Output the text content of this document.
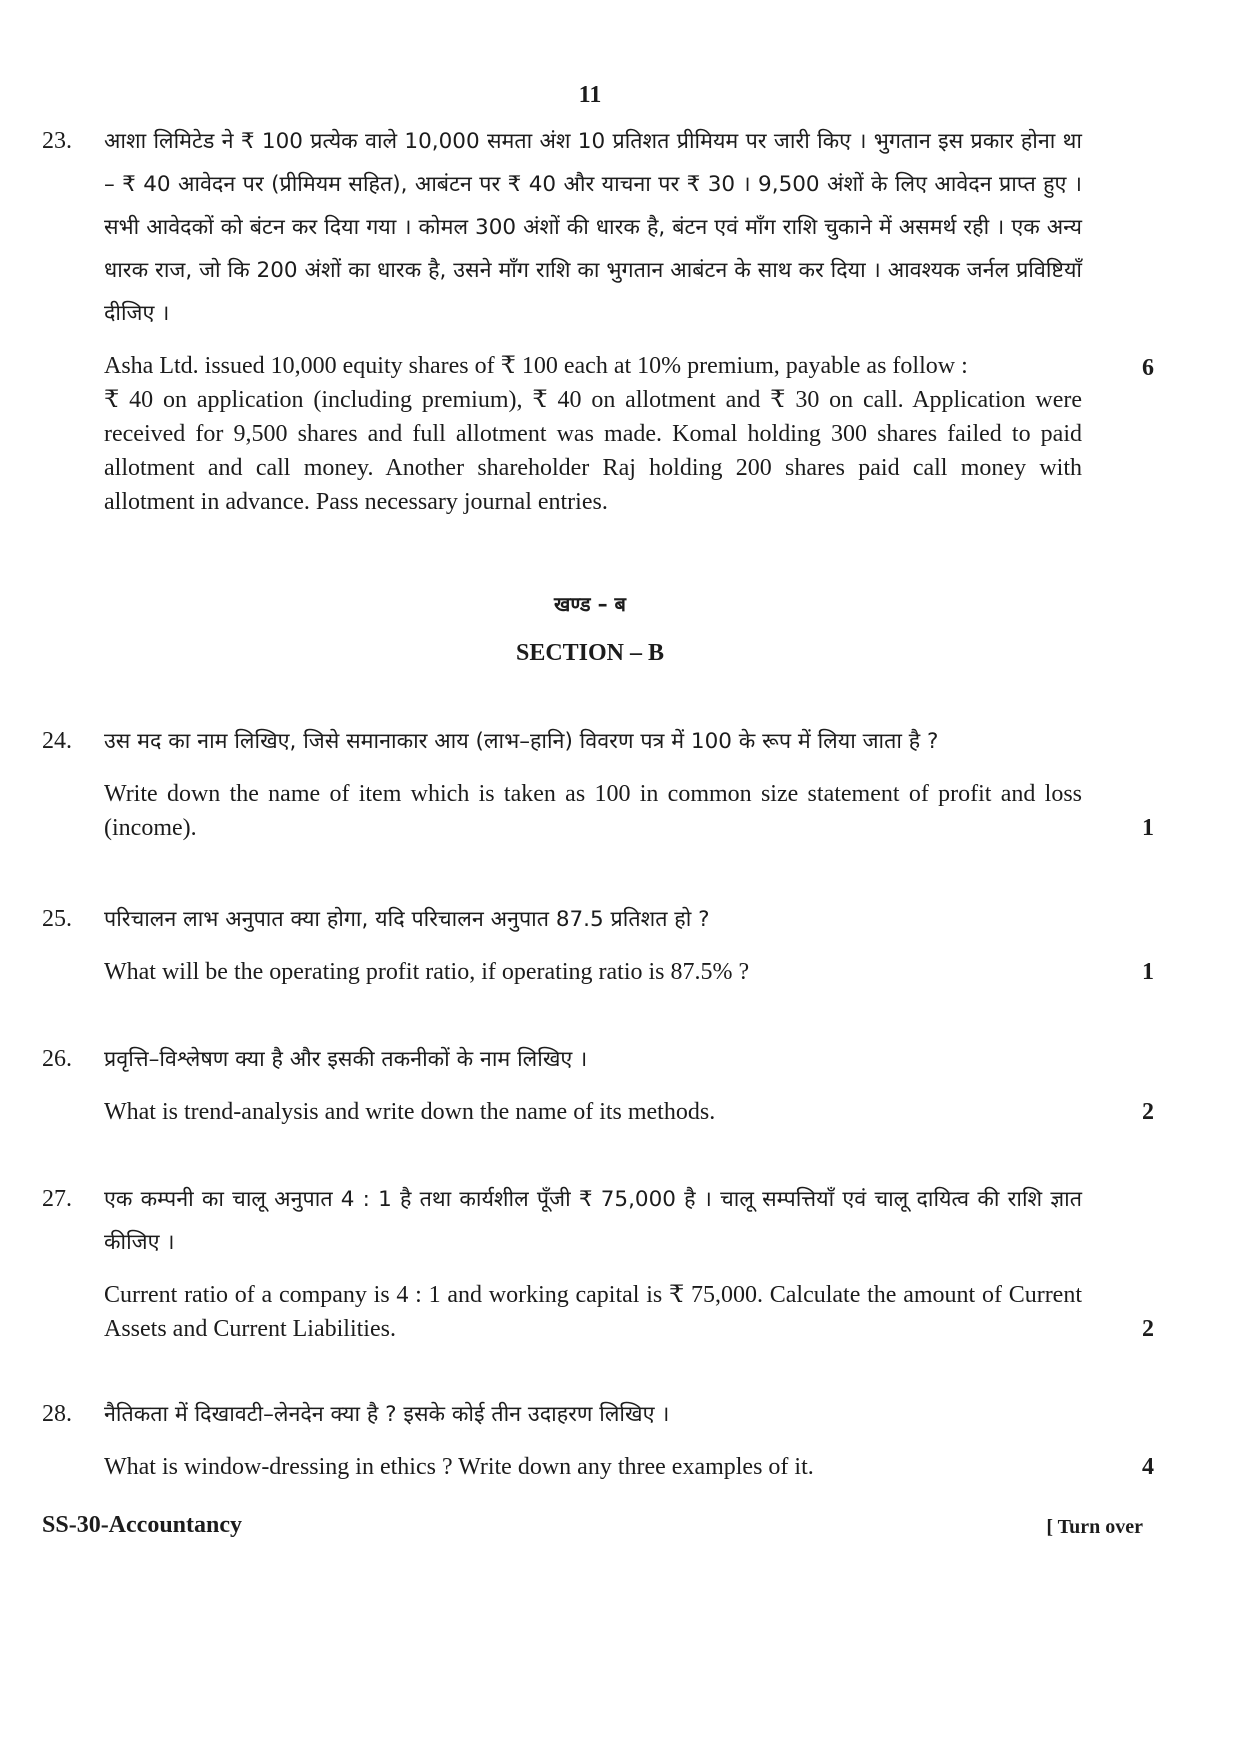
11
23. आशा लिमिटेड ने ₹ 100 प्रत्येक वाले 10,000 समता अंश 10 प्रतिशत प्रीमियम पर जारी किए । भुगतान इस प्रकार होना था – ₹ 40 आवेदन पर (प्रीमियम सहित), आबंटन पर ₹ 40 और याचना पर ₹ 30 । 9,500 अंशों के लिए आवेदन प्राप्त हुए । सभी आवेदकों को बंटन कर दिया गया । कोमल 300 अंशों की धारक है, बंटन एवं माँग राशि चुकाने में असमर्थ रही । एक अन्य धारक राज, जो कि 200 अंशों का धारक है, उसने माँग राशि का भुगतान आबंटन के साथ कर दिया । आवश्यक जर्नल प्रविष्टियाँ दीजिए ।

Asha Ltd. issued 10,000 equity shares of ₹ 100 each at 10% premium, payable as follow :

₹ 40 on application (including premium), ₹ 40 on allotment and ₹ 30 on call. Application were received for 9,500 shares and full allotment was made. Komal holding 300 shares failed to paid allotment and call money. Another shareholder Raj holding 200 shares paid call money with allotment in advance. Pass necessary journal entries.

6
खण्ड – ब
SECTION – B
24. उस मद का नाम लिखिए, जिसे समानाकार आय (लाभ–हानि) विवरण पत्र में 100 के रूप में लिया जाता है ?

Write down the name of item which is taken as 100 in common size statement of profit and loss (income).	1
25. परिचालन लाभ अनुपात क्या होगा, यदि परिचालन अनुपात 87.5 प्रतिशत हो ?

What will be the operating profit ratio, if operating ratio is 87.5% ?	1
26. प्रवृत्ति–विश्लेषण क्या है और इसकी तकनीकों के नाम लिखिए ।

What is trend-analysis and write down the name of its methods.	2
27. एक कम्पनी का चालू अनुपात 4 : 1 है तथा कार्यशील पूँजी ₹ 75,000 है । चालू सम्पत्तियाँ एवं चालू दायित्व की राशि ज्ञात कीजिए ।

Current ratio of a company is 4 : 1 and working capital is ₹ 75,000. Calculate the amount of Current Assets and Current Liabilities.	2
28. नैतिकता में दिखावटी–लेनदेन क्या है ? इसके कोई तीन उदाहरण लिखिए ।

What is window-dressing in ethics ? Write down any three examples of it.	4
SS-30-Accountancy	[ Turn over
